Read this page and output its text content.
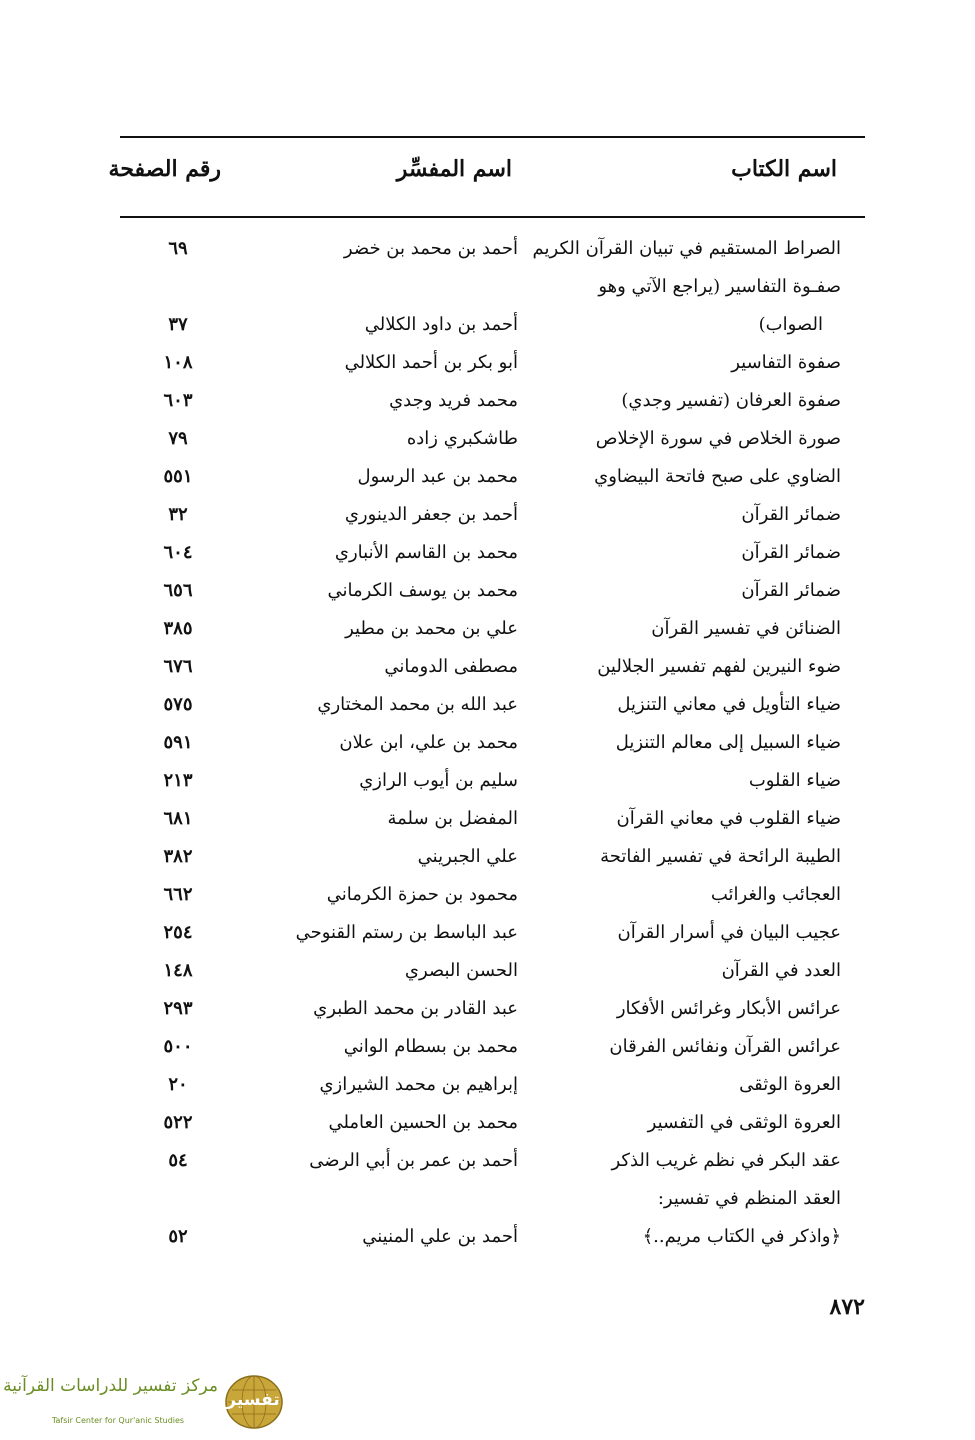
اسم الكتاب
اسم المفسِّر
رقم الصفحة
الصراط المستقيم في تبيان القرآن الكريم
أحمد بن محمد بن خضر
٦٩
صفـوة التفاسير (يراجع الآتي وهو
الصواب)
أحمد بن داود الكلالي
٣٧
صفوة التفاسير
أبو بكر بن أحمد الكلالي
١٠٨
صفوة العرفان (تفسير وجدي)
محمد فريد وجدي
٦٠٣
صورة الخلاص في سورة الإخلاص
طاشكبري زاده
٧٩
الضاوي على صبح فاتحة البيضاوي
محمد بن عبد الرسول
٥٥١
ضمائر القرآن
أحمد بن جعفر الدينوري
٣٢
ضمائر القرآن
محمد بن القاسم الأنباري
٦٠٤
ضمائر القرآن
محمد بن يوسف الكرماني
٦٥٦
الضنائن في تفسير القرآن
علي بن محمد بن مطير
٣٨٥
ضوء النيرين لفهم تفسير الجلالين
مصطفى الدوماني
٦٧٦
ضياء التأويل في معاني التنزيل
عبد الله بن محمد المختاري
٥٧٥
ضياء السبيل إلى معالم التنزيل
محمد بن علي، ابن علان
٥٩١
ضياء القلوب
سليم بن أيوب الرازي
٢١٣
ضياء القلوب في معاني القرآن
المفضل بن سلمة
٦٨١
الطيبة الرائحة في تفسير الفاتحة
علي الجبريني
٣٨٢
العجائب والغرائب
محمود بن حمزة الكرماني
٦٦٢
عجيب البيان في أسرار القرآن
عبد الباسط بن رستم القنوحي
٢٥٤
العدد في القرآن
الحسن البصري
١٤٨
عرائس الأبكار وغرائس الأفكار
عبد القادر بن محمد الطبري
٢٩٣
عرائس القرآن ونفائس الفرقان
محمد بن بسطام الواني
٥٠٠
العروة الوثقى
إبراهيم بن محمد الشيرازي
٢٠
العروة الوثقى في التفسير
محمد بن الحسين العاملي
٥٢٢
عقد البكر في نظم غريب الذكر
أحمد بن عمر بن أبي الرضى
٥٤
العقد المنظم في تفسير:
﴿واذكر في الكتاب مريم..﴾
أحمد بن علي المنيني
٥٢
٨٧٢
مركز تفسير للدراسات القرآنية
Tafsir Center for Qur'anic Studies
تفسير
